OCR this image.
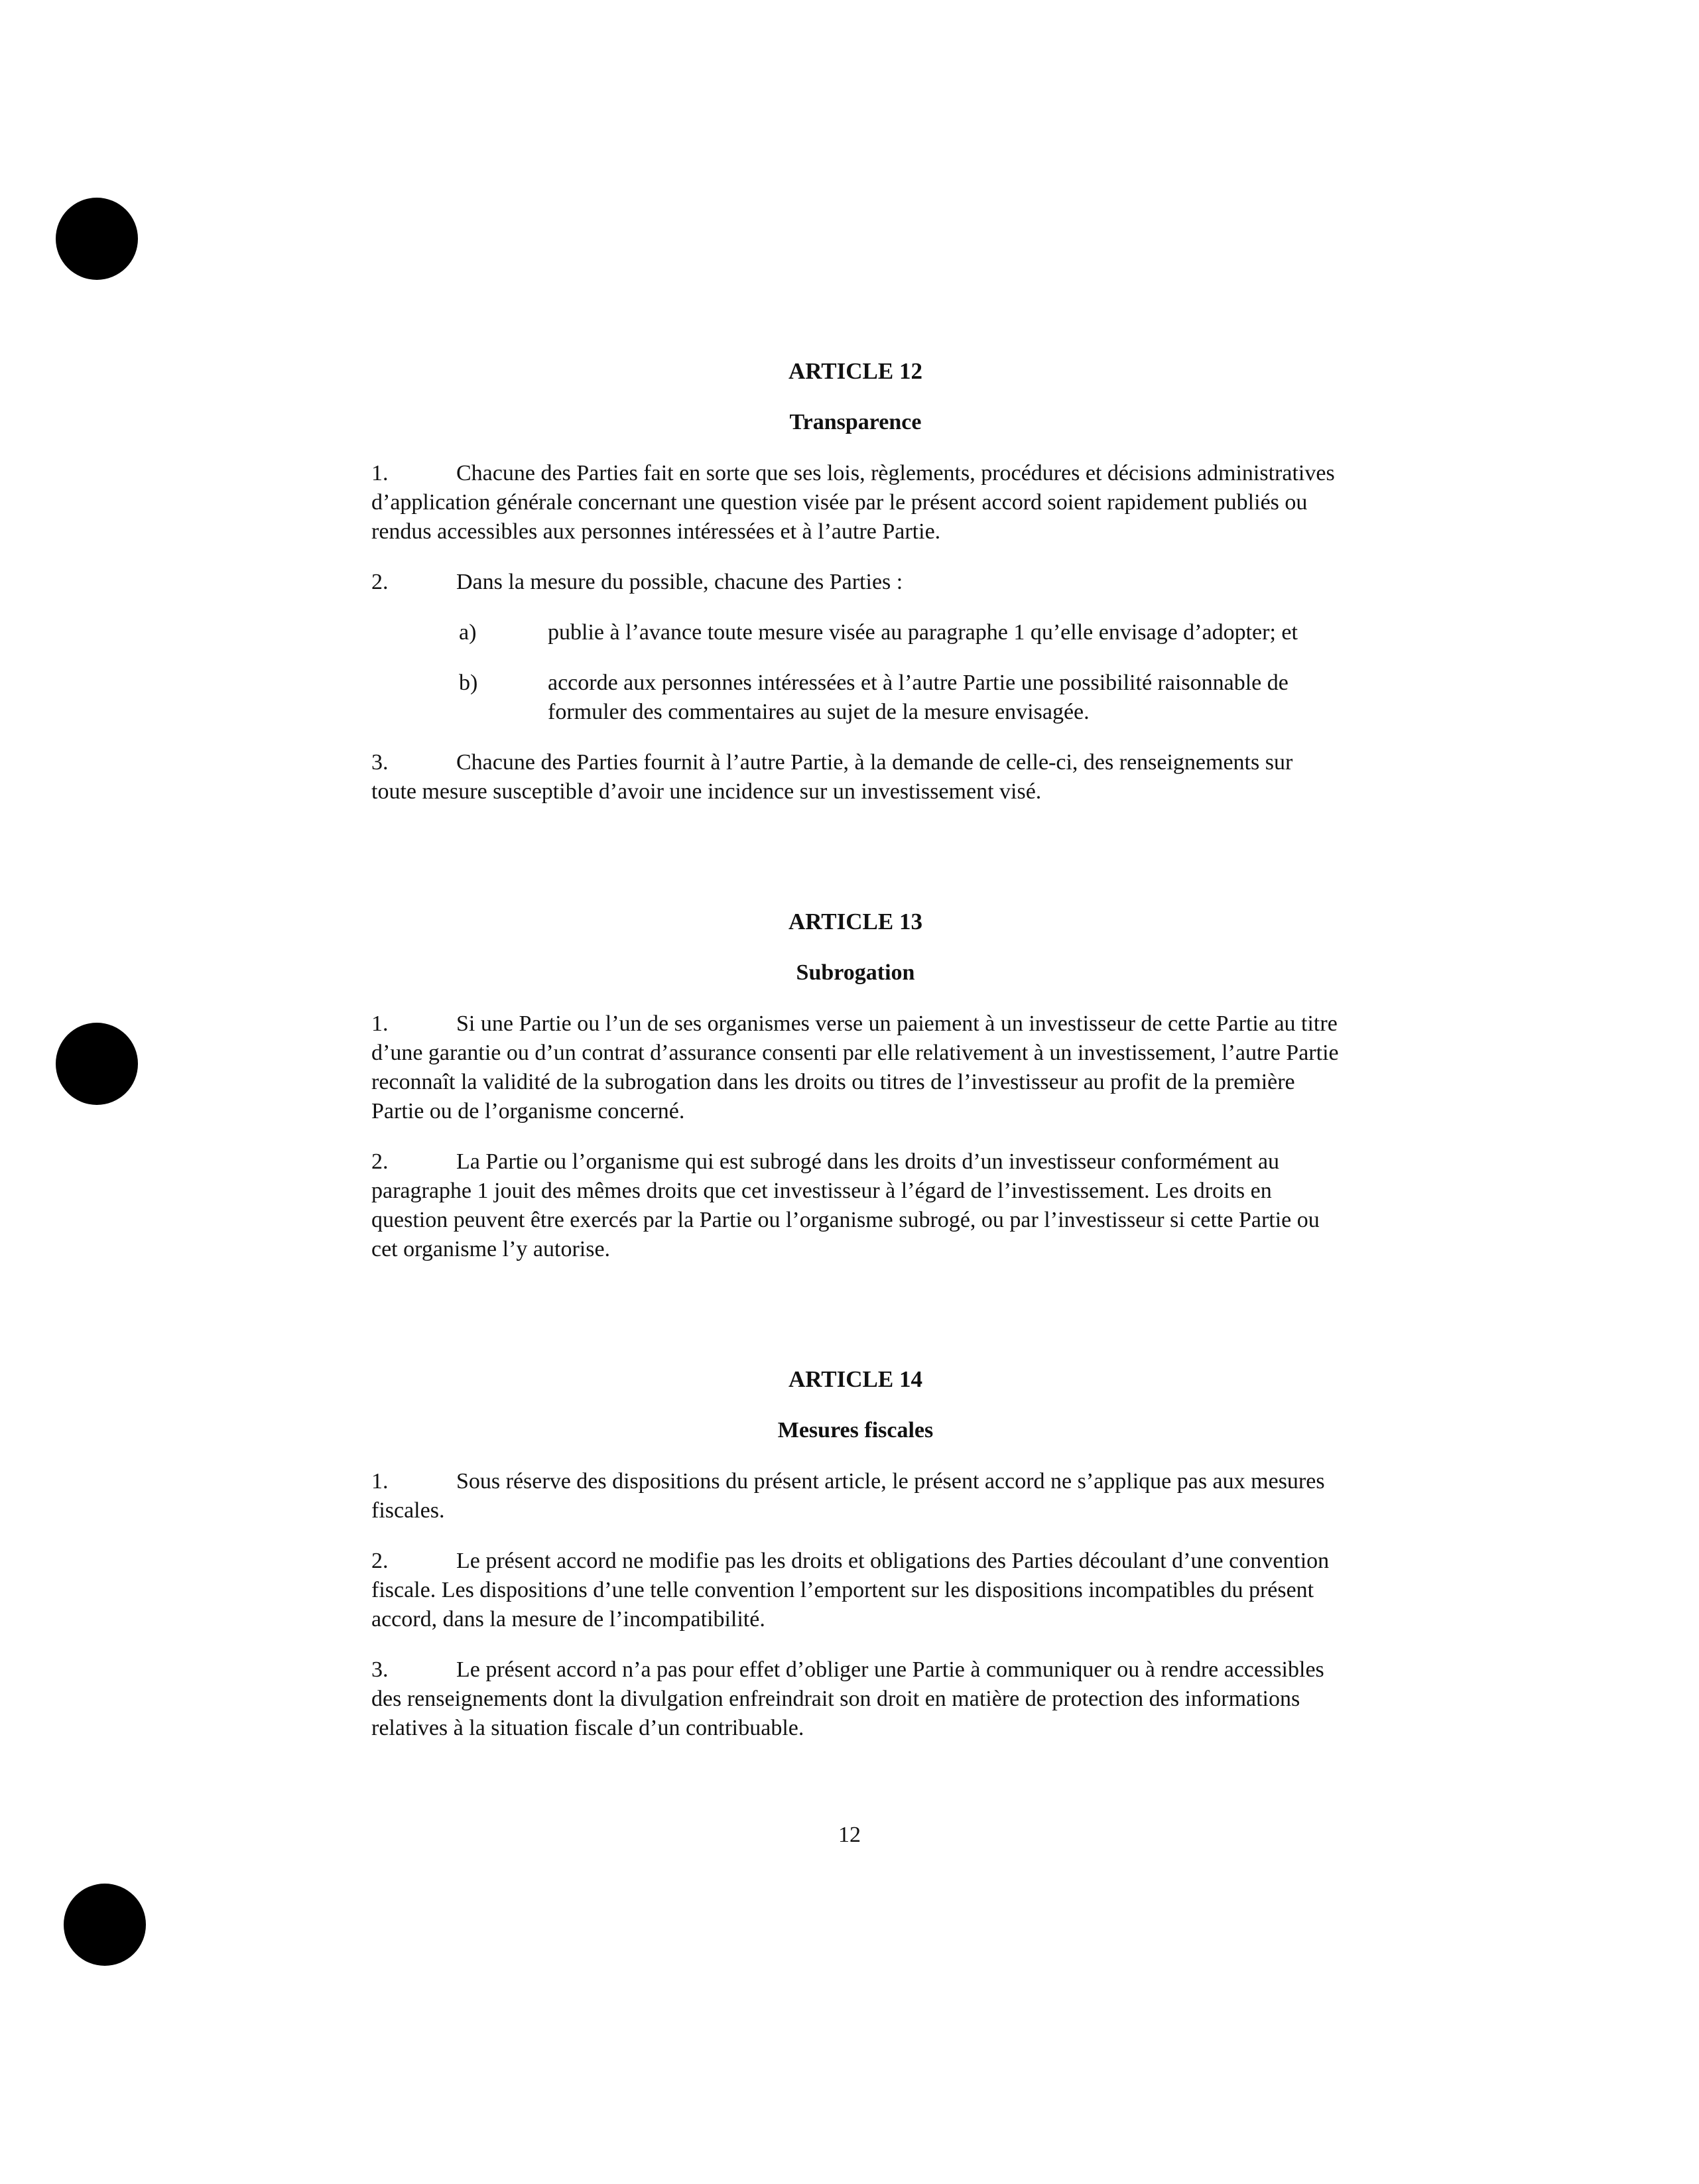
ARTICLE 12

Transparence

1.	Chacune des Parties fait en sorte que ses lois, règlements, procédures et décisions administratives d’application générale concernant une question visée par le présent accord soient rapidement publiés ou rendus accessibles aux personnes intéressées et à l’autre Partie.

2.	Dans la mesure du possible, chacune des Parties :

a)	publie à l’avance toute mesure visée au paragraphe 1 qu’elle envisage d’adopter; et

b)	accorde aux personnes intéressées et à l’autre Partie une possibilité raisonnable de formuler des commentaires au sujet de la mesure envisagée.

3.	Chacune des Parties fournit à l’autre Partie, à la demande de celle-ci, des renseignements sur toute mesure susceptible d’avoir une incidence sur un investissement visé.

ARTICLE 13

Subrogation

1.	Si une Partie ou l’un de ses organismes verse un paiement à un investisseur de cette Partie au titre d’une garantie ou d’un contrat d’assurance consenti par elle relativement à un investissement, l’autre Partie reconnaît la validité de la subrogation dans les droits ou titres de l’investisseur au profit de la première Partie ou de l’organisme concerné.

2.	La Partie ou l’organisme qui est subrogé dans les droits d’un investisseur conformément au paragraphe 1 jouit des mêmes droits que cet investisseur à l’égard de l’investissement. Les droits en question peuvent être exercés par la Partie ou l’organisme subrogé, ou par l’investisseur si cette Partie ou cet organisme l’y autorise.

ARTICLE 14

Mesures fiscales

1.	Sous réserve des dispositions du présent article, le présent accord ne s’applique pas aux mesures fiscales.

2.	Le présent accord ne modifie pas les droits et obligations des Parties découlant d’une convention fiscale. Les dispositions d’une telle convention l’emportent sur les dispositions incompatibles du présent accord, dans la mesure de l’incompatibilité.

3.	Le présent accord n’a pas pour effet d’obliger une Partie à communiquer ou à rendre accessibles des renseignements dont la divulgation enfreindrait son droit en matière de protection des informations relatives à la situation fiscale d’un contribuable.

12
